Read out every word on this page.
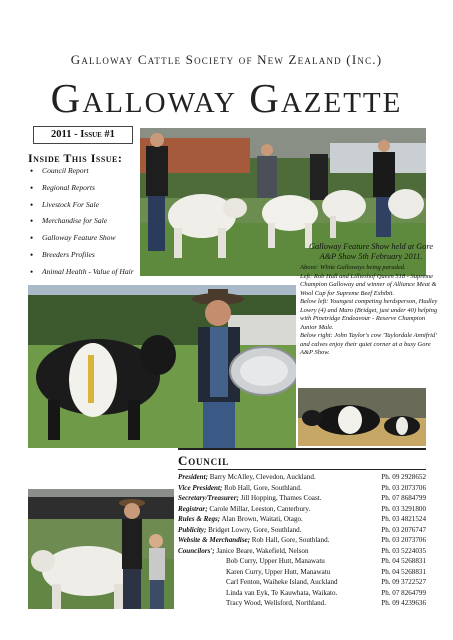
Galloway Cattle Society of New Zealand (Inc.)
Galloway Gazette
2011 - Issue #1
Inside This Issue:
• Council Report
• Regional Reports
• Livestock For Sale
• Merchandise for Sale
• Galloway Feature Show
• Breeders Profiles
• Animal Health - Value of Hair
•
Galloway Feature Show held at Gore A&P Show 5th February 2011.

Above: White Galloways being paraded.

Left: Rob Hall and Lillieshof Queen 518 - Supreme Champion Galloway and winner of Alliance Meat & Wool Cup for Supreme Beef Exhibit.

Below left: Youngest competing herdsperson, Hadley Lowry (4) and Muro (Bridget, just under 40) helping with Pinetridge Endeavour - Reserve Champion Junior Male.

Below right: John Taylor's cow 'Taylordale Annifrid' and calves enjoy their quiet corner at a busy Gore A&P Show.

Council
President; Barry McAlley, Clevedon, Auckland.	Ph. 09 2928652
Vice President; Rob Hall, Gore, Southland.	Ph. 03 2073706
Secretary/Treasurer; Jill Hopping, Thames Coast.	Ph. 07 8684799
Registrar; Carole Millar, Leeston, Canterbury.	Ph. 03 3291800
Rules & Regs; Alan Brown, Waitati, Otago.	Ph. 03 4821524
Publicity; Bridget Lowry, Gore, Southland.	Ph. 03 2076747
Website & Merchandise; Rob Hall, Gore, Southland.	Ph. 03 2073706
Councilors'; Janice Beare, Wakefield, Nelson	Ph. 03 5224035
Bob Curry, Upper Hutt, Manawatu	Ph. 04 5268831
Karen Curry, Upper Hutt, Manawatu	Ph. 04 5268831
Carl Fenton, Waiheke Island, Auckland	Ph. 09 3722527
Linda van Eyk, Te Kauwhata, Waikato.	Ph. 07 8264799
Tracy Wood, Wellsford, Northland.	Ph. 09 4239636
